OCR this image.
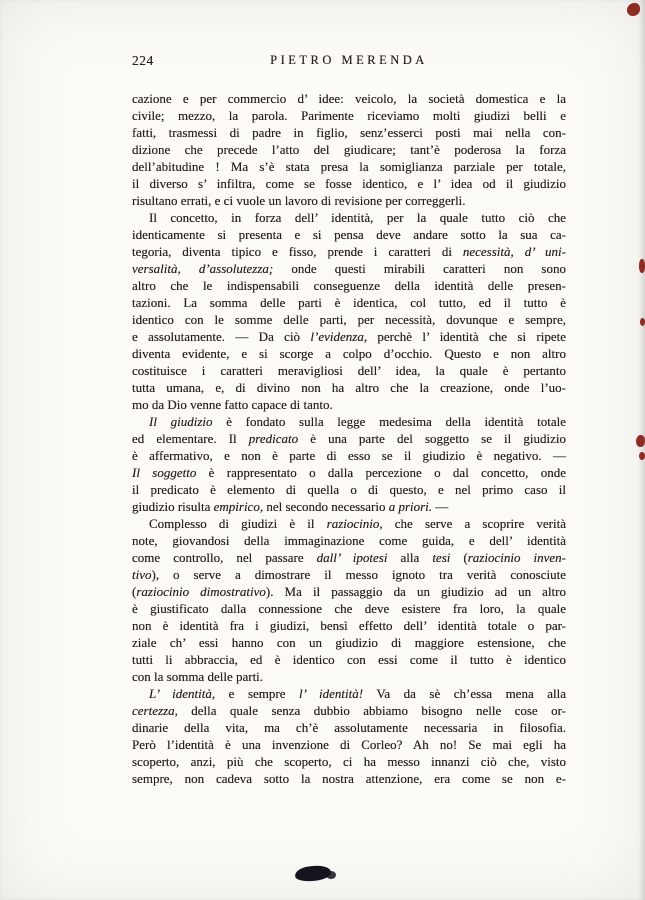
224	PIETRO MERENDA
cazione e per commercio d’ idee: veicolo, la società domestica e la
civile; mezzo, la parola. Parimente riceviamo molti giudizi belli e
fatti, trasmessi di padre in figlio, senz’esserci posti mai nella con-
dizione che precede l’atto del giudicare; tant’è poderosa la forza
dell’abitudine ! Ma s’è stata presa la somiglianza parziale per totale,
il diverso s’ infiltra, come se fosse identico, e l’ idea od il giudizio
risultano errati, e ci vuole un lavoro di revisione per correggerli.
Il concetto, in forza dell’ identità, per la quale tutto ciò che
identicamente si presenta e si pensa deve andare sotto la sua ca-
tegoria, diventa tipico e fisso, prende i caratteri di necessità, d’ uni-
versalità, d’assolutezza; onde questi mirabili caratteri non sono
altro che le indispensabili conseguenze della identità delle presen-
tazioni. La somma delle parti è identica, col tutto, ed il tutto è
identico con le somme delle parti, per necessità, dovunque e sempre,
e assolutamente. — Da ciò l’evidenza, perchè l’ identità che si ripete
diventa evidente, e si scorge a colpo d’occhio. Questo e non altro
costituisce i caratteri meravigliosi dell’ idea, la quale è pertanto
tutta umana, e, di divino non ha altro che la creazione, onde l’uo-
mo da Dio venne fatto capace di tanto.
Il giudizio è fondato sulla legge medesima della identità totale
ed elementare. Il predicato è una parte del soggetto se il giudizio
è affermativo, e non è parte di esso se il giudizio è negativo. —
Il soggetto è rappresentato o dalla percezione o dal concetto, onde
il predicato è elemento di quella o di questo, e nel primo caso il
giudizio risulta empirico, nel secondo necessario a priori. —
Complesso di giudizi è il raziocinio, che serve a scoprire verità
note, giovandosi della immaginazione come guida, e dell’ identità
come controllo, nel passare dall’ ipotesi alla tesi (raziocinio inven-
tivo), o serve a dimostrare il messo ignoto tra verità conosciute
(raziocinio dimostrativo). Ma il passaggio da un giudizio ad un altro
è giustificato dalla connessione che deve esistere fra loro, la quale
non è identità fra i giudizi, bensì effetto dell’ identità totale o par-
ziale ch’ essi hanno con un giudizio di maggiore estensione, che
tutti li abbraccia, ed è identico con essi come il tutto è identico
con la somma delle parti.
L’ identità, e sempre l’ identità! Va da sè ch’essa mena alla
certezza, della quale senza dubbio abbiamo bisogno nelle cose or-
dinarie della vita, ma ch’è assolutamente necessaria in filosofia.
Però l’identità è una invenzione di Corleo? Ah no! Se mai egli ha
scoperto, anzi, più che scoperto, ci ha messo innanzi ciò che, visto
sempre, non cadeva sotto la nostra attenzione, era come se non e-
